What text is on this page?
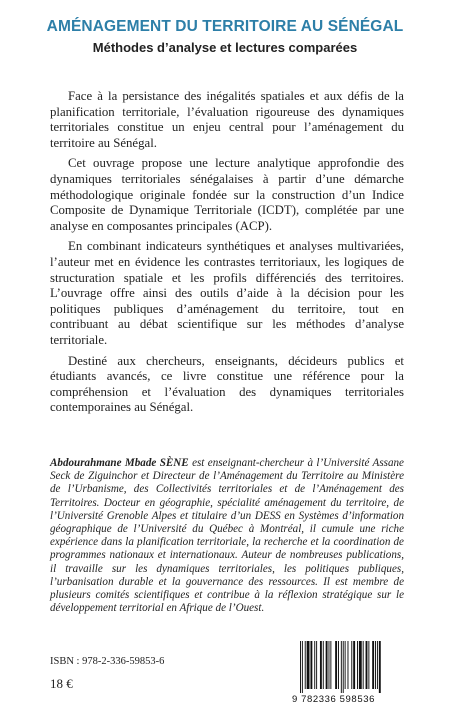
AMÉNAGEMENT DU TERRITOIRE AU SÉNÉGAL
Méthodes d’analyse et lectures comparées

Face à la persistance des inégalités spatiales et aux défis de la planification territoriale, l’évaluation rigoureuse des dynamiques territoriales constitue un enjeu central pour l’aménagement du territoire au Sénégal.

Cet ouvrage propose une lecture analytique approfondie des dynamiques territoriales sénégalaises à partir d’une démarche méthodologique originale fondée sur la construction d’un Indice Composite de Dynamique Territoriale (ICDT), complétée par une analyse en composantes principales (ACP).

En combinant indicateurs synthétiques et analyses multivariées, l’auteur met en évidence les contrastes territoriaux, les logiques de structuration spatiale et les profils différenciés des territoires. L’ouvrage offre ainsi des outils d’aide à la décision pour les politiques publiques d’aménagement du territoire, tout en contribuant au débat scientifique sur les méthodes d’analyse territoriale.

Destiné aux chercheurs, enseignants, décideurs publics et étudiants avancés, ce livre constitue une référence pour la compréhension et l’évaluation des dynamiques territoriales contemporaines au Sénégal.

Abdourahmane Mbade SÈNE est enseignant-chercheur à l’Université Assane Seck de Ziguinchor et Directeur de l’Aménagement du Territoire au Ministère de l’Urbanisme, des Collectivités territoriales et de l’Aménagement des Territoires. Docteur en géographie, spécialité aménagement du territoire, de l’Université Grenoble Alpes et titulaire d’un DESS en Systèmes d’information géographique de l’Université du Québec à Montréal, il cumule une riche expérience dans la planification territoriale, la recherche et la coordination de programmes nationaux et internationaux. Auteur de nombreuses publications, il travaille sur les dynamiques territoriales, les politiques publiques, l’urbanisation durable et la gouvernance des ressources. Il est membre de plusieurs comités scientifiques et contribue à la réflexion stratégique sur le développement territorial en Afrique de l’Ouest.

ISBN : 978-2-336-59853-6
18 €
9 782336 598536
